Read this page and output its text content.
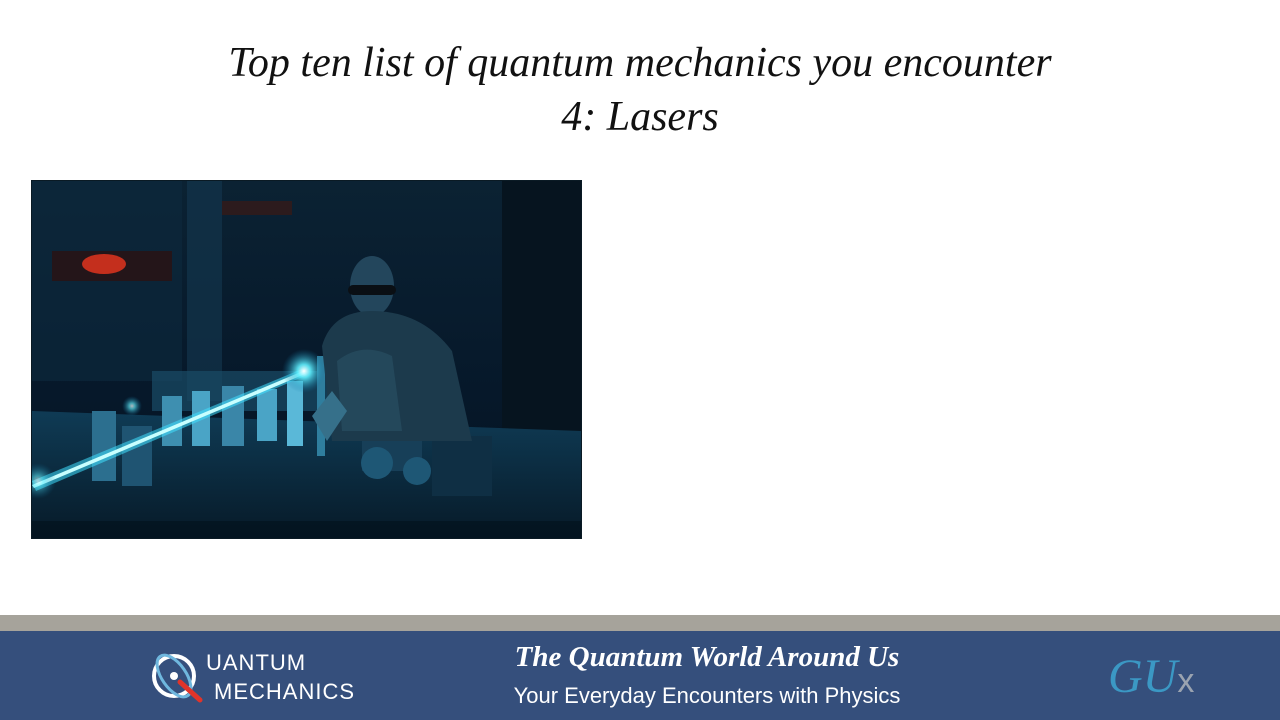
Top ten list of quantum mechanics you encounter
4: Lasers
UANTUM
MECHANICS
The Quantum World Around Us
Your Everyday Encounters with Physics	GUx
